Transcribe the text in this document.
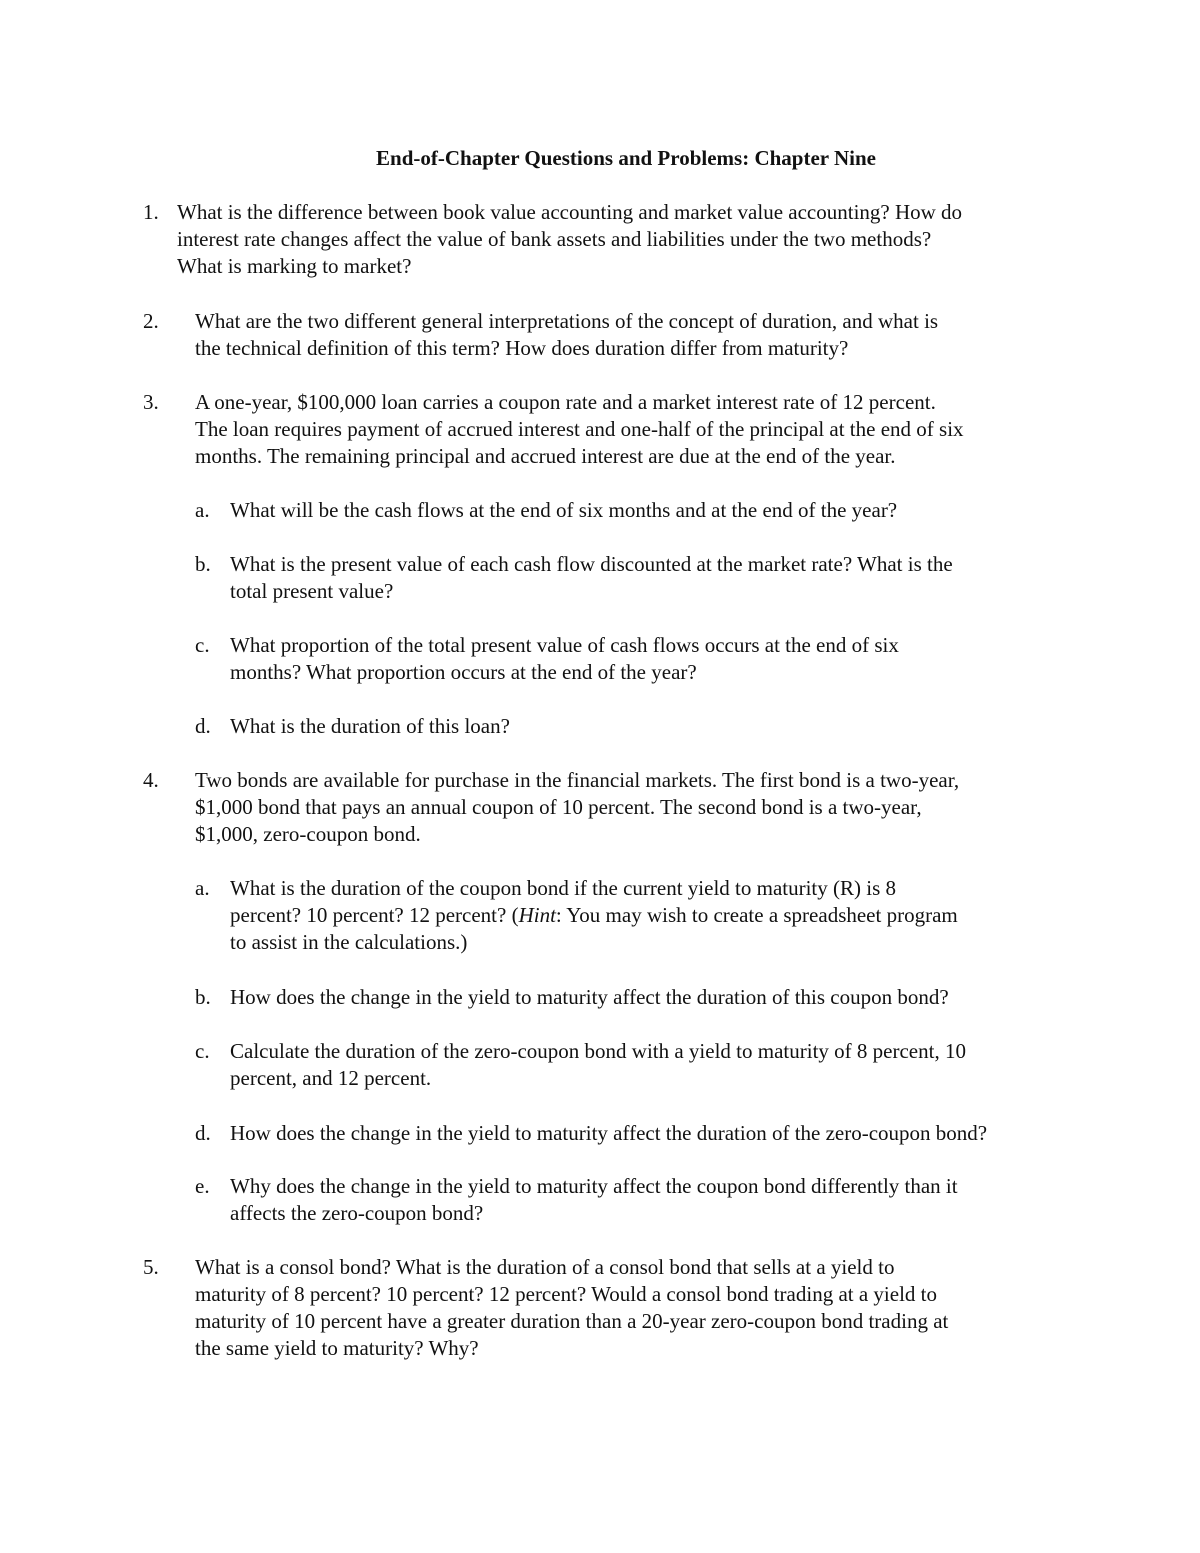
End-of-Chapter Questions and Problems: Chapter Nine
1. What is the difference between book value accounting and market value accounting? How do
interest rate changes affect the value of bank assets and liabilities under the two methods?
What is marking to market?
2. What are the two different general interpretations of the concept of duration, and what is
the technical definition of this term? How does duration differ from maturity?
3. A one-year, $100,000 loan carries a coupon rate and a market interest rate of 12 percent.
The loan requires payment of accrued interest and one-half of the principal at the end of six
months. The remaining principal and accrued interest are due at the end of the year.
a. What will be the cash flows at the end of six months and at the end of the year?
b. What is the present value of each cash flow discounted at the market rate? What is the
total present value?
c. What proportion of the total present value of cash flows occurs at the end of six
months? What proportion occurs at the end of the year?
d. What is the duration of this loan?
4. Two bonds are available for purchase in the financial markets. The first bond is a two-year,
$1,000 bond that pays an annual coupon of 10 percent. The second bond is a two-year,
$1,000, zero-coupon bond.
a. What is the duration of the coupon bond if the current yield to maturity (R) is 8
percent? 10 percent? 12 percent? (Hint: You may wish to create a spreadsheet program
to assist in the calculations.)
b. How does the change in the yield to maturity affect the duration of this coupon bond?
c. Calculate the duration of the zero-coupon bond with a yield to maturity of 8 percent, 10
percent, and 12 percent.
d. How does the change in the yield to maturity affect the duration of the zero-coupon bond?
e. Why does the change in the yield to maturity affect the coupon bond differently than it
affects the zero-coupon bond?
5. What is a consol bond? What is the duration of a consol bond that sells at a yield to
maturity of 8 percent? 10 percent? 12 percent? Would a consol bond trading at a yield to
maturity of 10 percent have a greater duration than a 20-year zero-coupon bond trading at
the same yield to maturity? Why?
